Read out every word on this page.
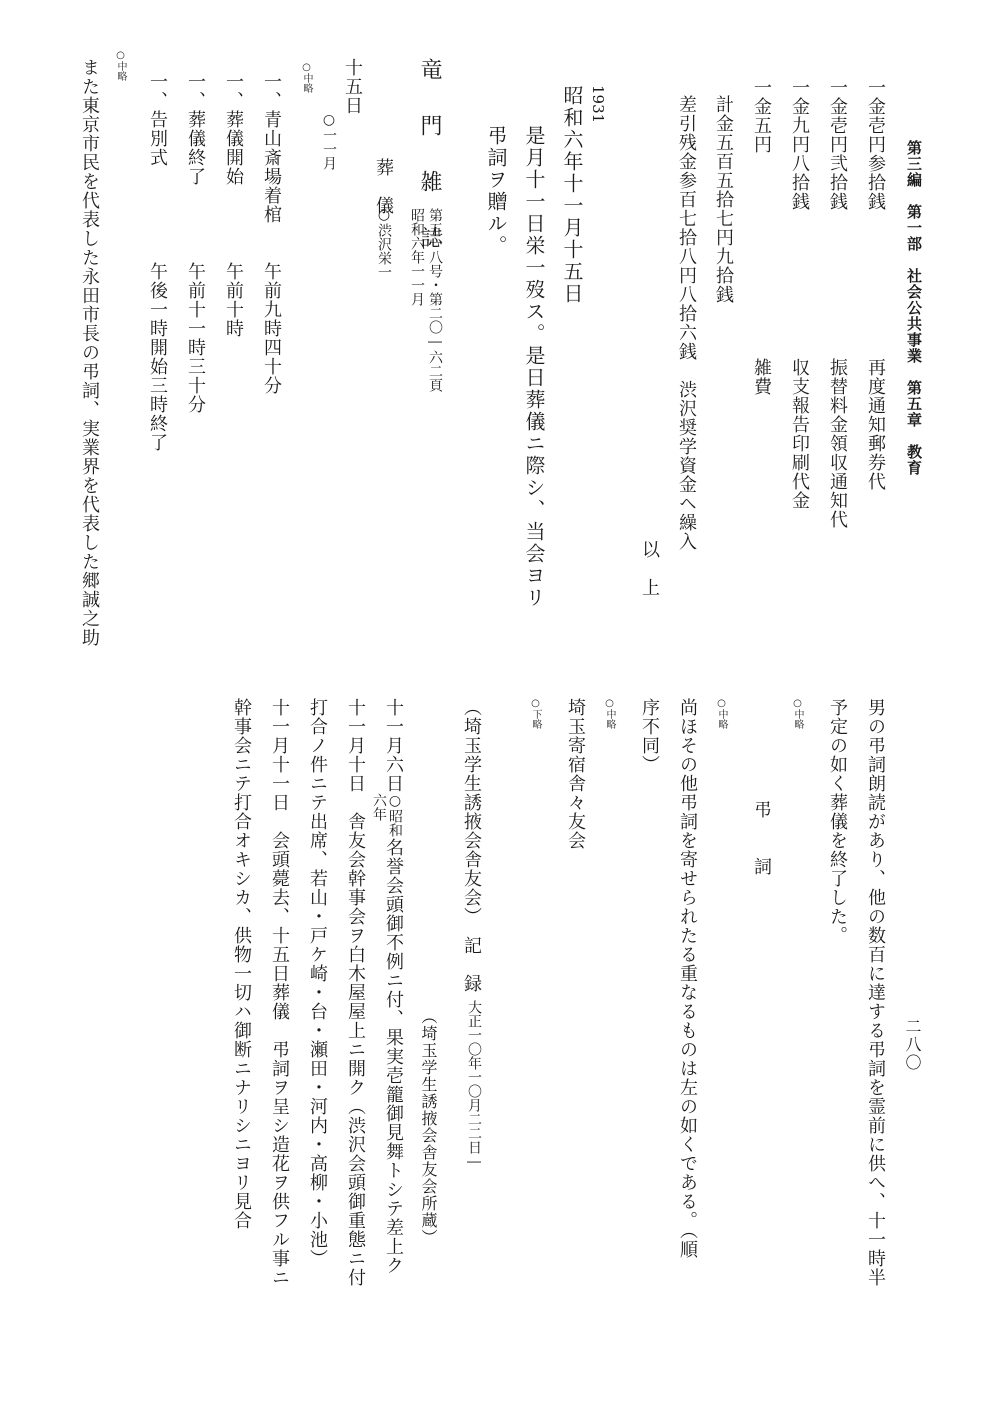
第三編　第一部　社会公共事業　第五章　教育
一金壱円参拾銭
再度通知郵券代
一金壱円弐拾銭
振替料金領収通知代
一金九円八拾銭
収支報告印刷代金
一金五円
雑費
計金五百五拾七円九拾銭
差引残金参百七拾八円八拾六銭　渋沢奨学資金ヘ繰入
以　上
1931
昭和六年十一月十五日
是月十一日栄一歿ス。是日葬儀ニ際シ、当会ヨリ
弔詞ヲ贈ル。
竜　門　雑　誌
第五一八号・第二〇―六二頁
昭和六年一一月
葬　儀
○渋沢栄一
十五日
○一一月
○中略
一、青山斎場着棺
午前九時四十分
一、葬儀開始
午前十時
一、葬儀終了
午前十一時三十分
一、告別式
午後一時開始三時終了
○中略
また東京市民を代表した永田市長の弔詞、実業界を代表した郷誠之助
二八〇
男の弔詞朗読があり、他の数百に達する弔詞を霊前に供へ、十一時半
予定の如く葬儀を終了した。
○中略
弔　　詞
○中略
尚ほその他弔詞を寄せられたる重なるものは左の如くである。（順
序不同）
○中略
埼玉寄宿舎々友会
○下略
（埼玉学生誘掖会舎友会）　記　録
大正一〇年一〇月二二日―
（埼玉学生誘掖会舎友会所蔵）
十一月六日
○昭和
六年
名誉会頭御不例ニ付、果実壱籠御見舞トシテ差上ク
十一月十日　舎友会幹事会ヲ白木屋屋上ニ開ク（渋沢会頭御重態ニ付
打合ノ件ニテ出席、若山・戸ケ崎・台・瀬田・河内・高柳・小池）
十一月十一日　会頭薨去、十五日葬儀　弔詞ヲ呈シ造花ヲ供フル事ニ
幹事会ニテ打合オキシカ、供物一切ハ御断ニナリシニヨリ見合
